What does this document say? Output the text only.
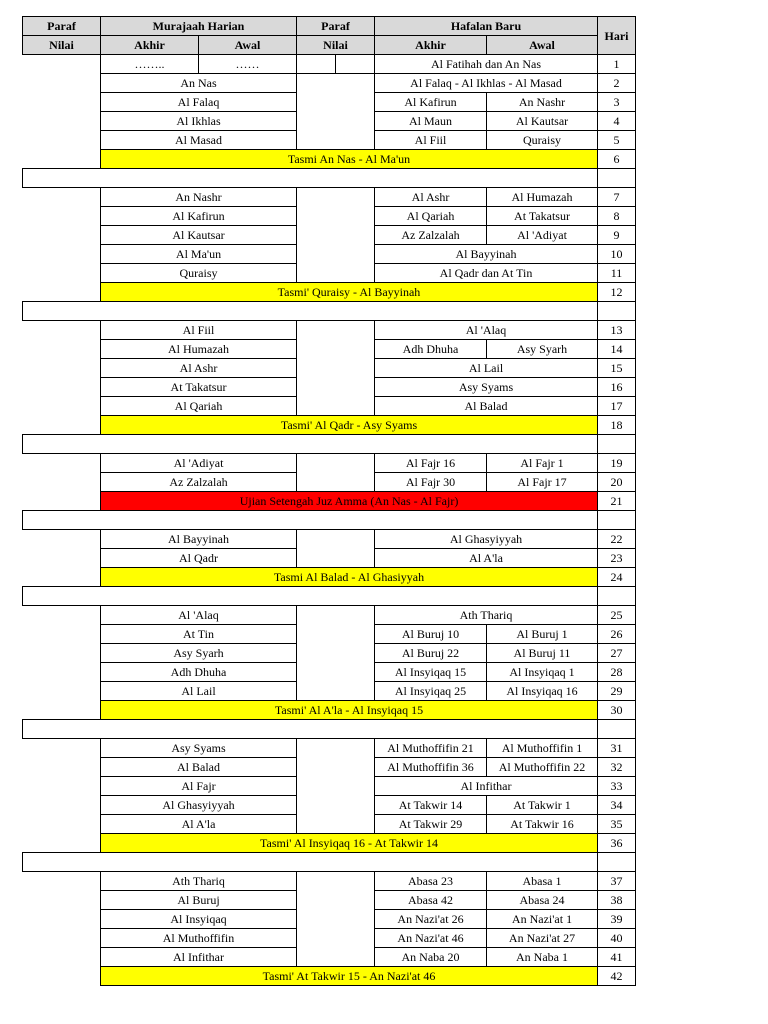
Paraf	Murajaah Harian		Paraf		Hafalan Baru		Hari
Nilai	Akhir	Awal	Nilai		Akhir	Awal	
	……..	……			Al Fatihah dan An Nas		1
	An Nas				Al Falaq - Al Ikhlas - Al Masad		2
	Al Falaq				Al Kafirun	An Nashr	3
	Al Ikhlas				Al Maun	Al Kautsar	4
	Al Masad				Al Fiil	Quraisy	5
	Tasmi An Nas - Al Ma'un						6

	An Nashr				Al Ashr	Al Humazah	7
	Al Kafirun				Al Qariah	At Takatsur	8
	Al Kautsar				Az Zalzalah	Al 'Adiyat	9
	Al Ma'un				Al Bayyinah		10
	Quraisy				Al Qadr dan At Tin		11
	Tasmi' Quraisy - Al Bayyinah						12

	Al Fiil				Al 'Alaq		13
	Al Humazah				Adh Dhuha	Asy Syarh	14
	Al Ashr				Al Lail		15
	At Takatsur				Asy Syams		16
	Al Qariah				Al Balad		17
	Tasmi' Al Qadr - Asy Syams						18

	Al 'Adiyat				Al Fajr 16	Al Fajr 1	19
	Az Zalzalah				Al Fajr 30	Al Fajr 17	20
	Ujian Setengah Juz Amma (An Nas - Al Fajr)						21

	Al Bayyinah				Al Ghasyiyyah		22
	Al Qadr				Al A'la		23
	Tasmi Al Balad - Al Ghasiyyah						24

	Al 'Alaq				Ath Thariq		25
	At Tin				Al Buruj 10	Al Buruj 1	26
	Asy Syarh				Al Buruj 22	Al Buruj 11	27
	Adh Dhuha				Al Insyiqaq 15	Al Insyiqaq 1	28
	Al Lail				Al Insyiqaq 25	Al Insyiqaq 16	29
	Tasmi' Al A'la - Al Insyiqaq 15						30

	Asy Syams				Al Muthoffifin 21	Al Muthoffifin 1	31
	Al Balad				Al Muthoffifin 36	Al Muthoffifin 22	32
	Al Fajr				Al Infithar		33
	Al Ghasyiyyah				At Takwir 14	At Takwir 1	34
	Al A'la				At Takwir 29	At Takwir 16	35
	Tasmi' Al Insyiqaq 16 - At Takwir 14						36

	Ath Thariq				Abasa 23	Abasa 1	37
	Al Buruj				Abasa 42	Abasa 24	38
	Al Insyiqaq				An Nazi'at 26	An Nazi'at 1	39
	Al Muthoffifin				An Nazi'at 46	An Nazi'at 27	40
	Al Infithar				An Naba 20	An Naba 1	41
	Tasmi' At Takwir 15 - An Nazi'at 46						42
